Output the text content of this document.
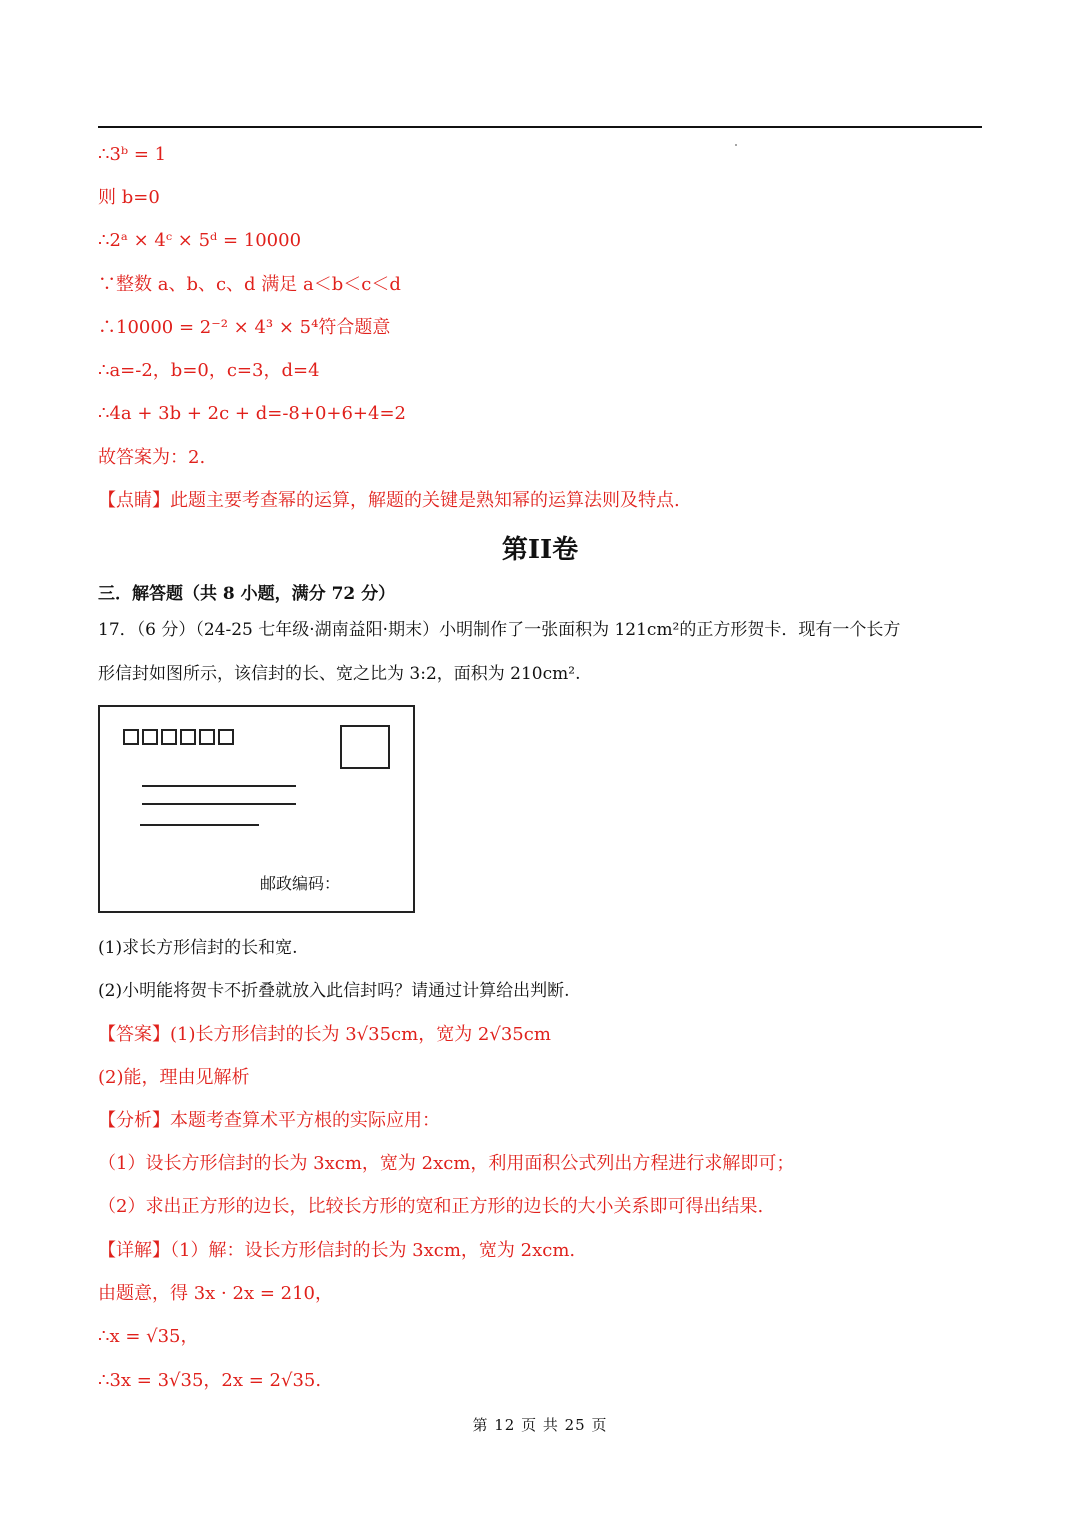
∴3ᵇ = 1
则 b=0
∴2ᵃ × 4ᶜ × 5ᵈ = 10000
∵整数 a、b、c、d 满足 a＜b＜c＜d
∴10000 = 2⁻² × 4³ × 5⁴符合题意
∴a=-2，b=0，c=3，d=4
∴4a + 3b + 2c + d=-8+0+6+4=2
故答案为：2.
【点睛】此题主要考查幂的运算，解题的关键是熟知幂的运算法则及特点.
第II卷
三．解答题（共 8 小题，满分 72 分）
17．（6 分）（24-25 七年级·湖南益阳·期末）小明制作了一张面积为 121cm²的正方形贺卡．现有一个长方
形信封如图所示，该信封的长、宽之比为 3:2，面积为 210cm².
邮政编码：
(1)求长方形信封的长和宽.
(2)小明能将贺卡不折叠就放入此信封吗？请通过计算给出判断.
【答案】(1)长方形信封的长为 3√35cm，宽为 2√35cm
(2)能，理由见解析
【分析】本题考查算术平方根的实际应用：
（1）设长方形信封的长为 3xcm，宽为 2xcm，利用面积公式列出方程进行求解即可；
（2）求出正方形的边长，比较长方形的宽和正方形的边长的大小关系即可得出结果.
【详解】（1）解：设长方形信封的长为 3xcm，宽为 2xcm.
由题意，得 3x · 2x = 210，
∴x = √35，
∴3x = 3√35，2x = 2√35.
第 12 页 共 25 页
